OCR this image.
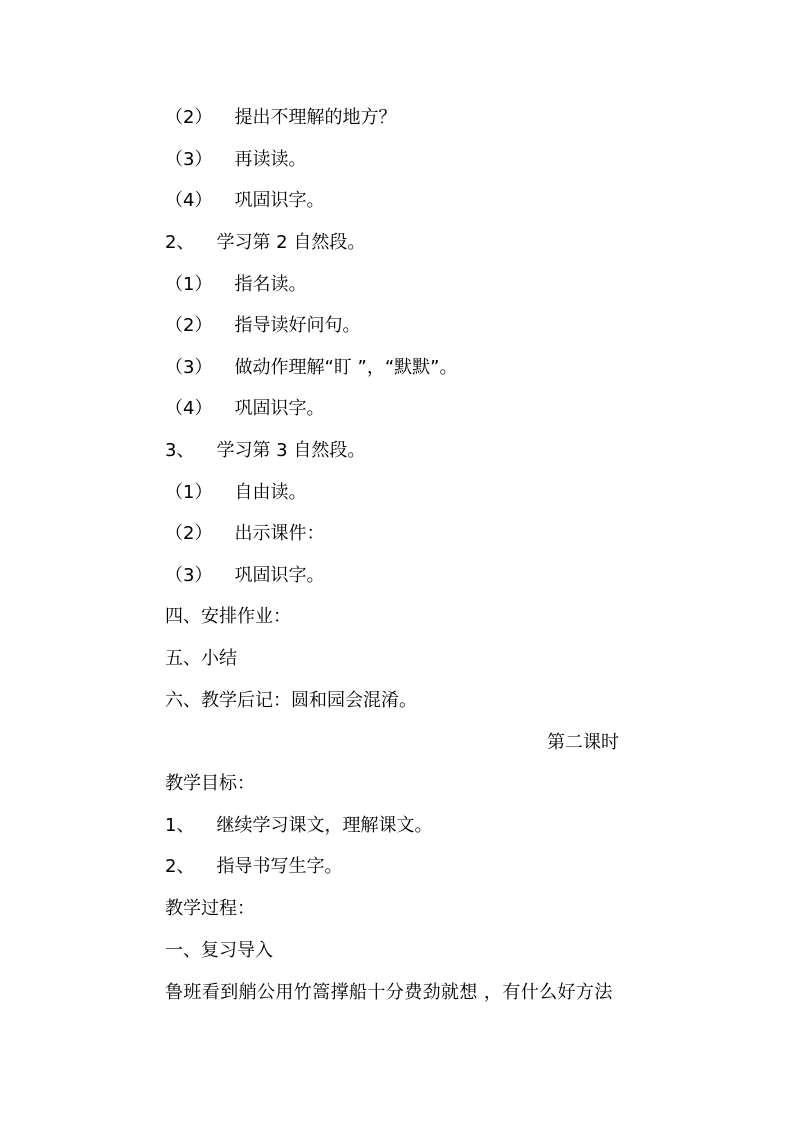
（2） 提出不理解的地方？
（3） 再读读。
（4） 巩固识字。
2、 学习第 2 自然段。
（1） 指名读。
（2） 指导读好问句。
（3） 做动作理解“盯 ”，“默默”。
（4） 巩固识字。
3、 学习第 3 自然段。
（1） 自由读。
（2） 出示课件：
（3） 巩固识字。
四、安排作业：
五、小结
六、教学后记：圆和园会混淆。
第二课时
教学目标：
1、 继续学习课文，理解课文。
2、 指导书写生字。
教学过程：
一、复习导入
鲁班看到艄公用竹篙撑船十分费劲就想 ，有什么好方法
